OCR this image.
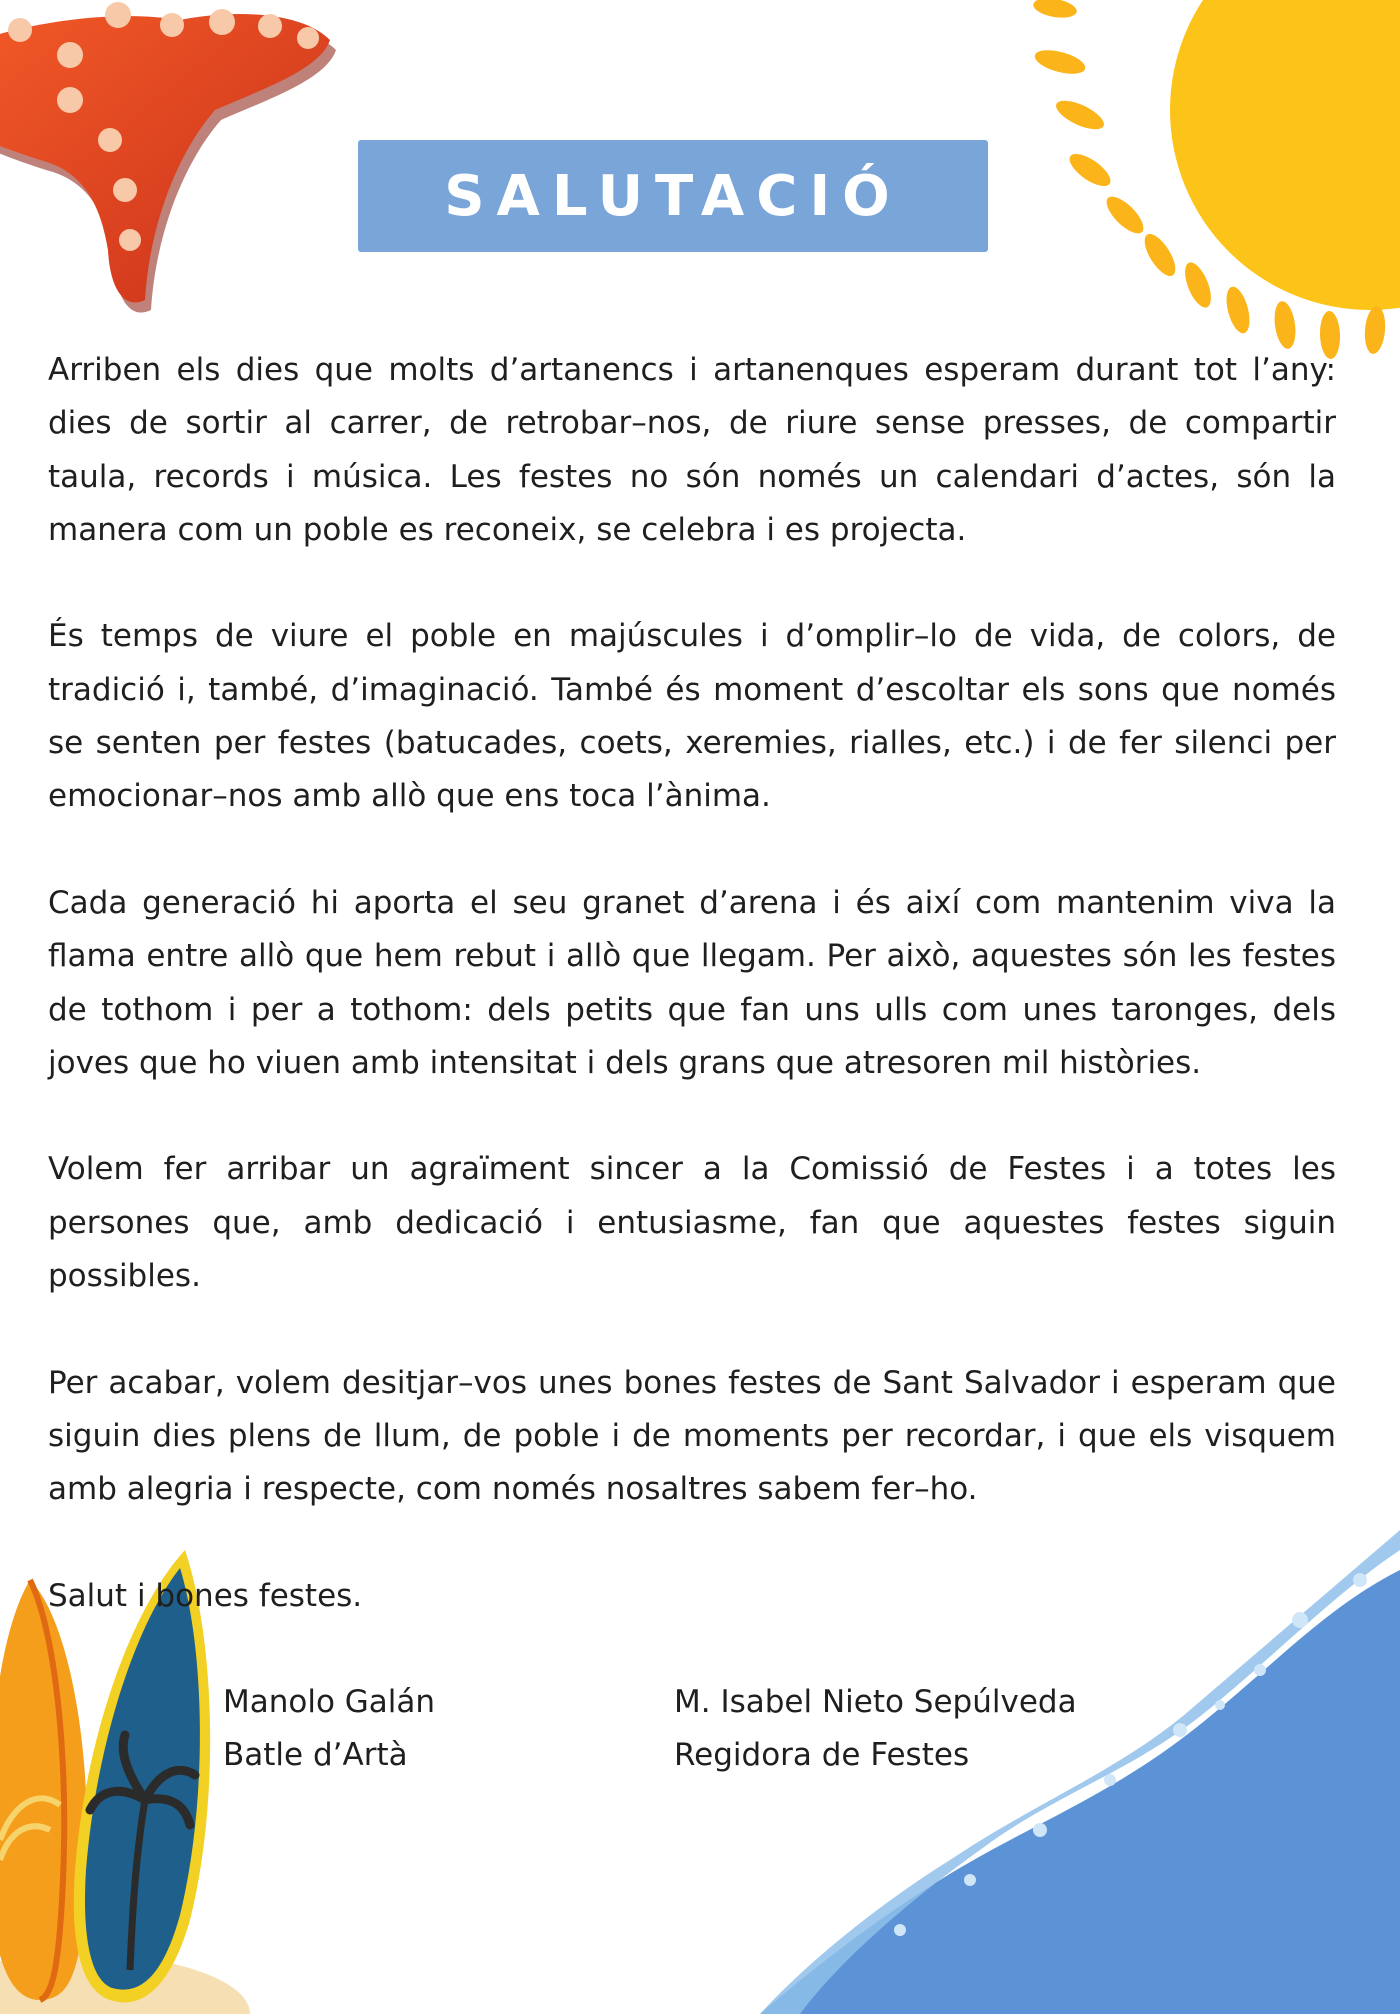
SALUTACIÓ

Arriben els dies que molts d’artanencs i artanenques esperam durant tot l’any: dies de sortir al carrer, de retrobar–nos, de riure sense presses, de compartir taula, records i música. Les festes no són només un calendari d’actes, són la manera com un poble es reconeix, se celebra i es projecta.

És temps de viure el poble en majúscules i d’omplir–lo de vida, de colors, de tradició i, també, d’imaginació. També és moment d’escoltar els sons que només se senten per festes (batucades, coets, xeremies, rialles, etc.) i de fer silenci per emocionar–nos amb allò que ens toca l’ànima.

Cada generació hi aporta el seu granet d’arena i és així com mantenim viva la flama entre allò que hem rebut i allò que llegam. Per això, aquestes són les festes de tothom i per a tothom: dels petits que fan uns ulls com unes taronges, dels joves que ho viuen amb intensitat i dels grans que atresoren mil històries.

Volem fer arribar un agraïment sincer a la Comissió de Festes i a totes les persones que, amb dedicació i entusiasme, fan que aquestes festes siguin possibles.

Per acabar, volem desitjar–vos unes bones festes de Sant Salvador i esperam que siguin dies plens de llum, de poble i de moments per recordar, i que els visquem amb alegria i respecte, com només nosaltres sabem fer–ho.

Salut i bones festes.

Manolo Galán
Batle d’Artà
M. Isabel Nieto Sepúlveda
Regidora de Festes
